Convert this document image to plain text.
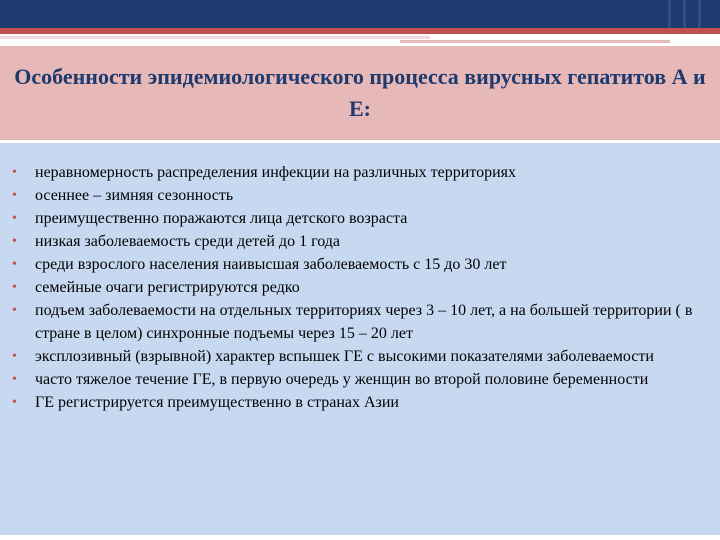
Особенности эпидемиологического процесса вирусных гепатитов А и Е:
• неравномерность распределения инфекции на различных территориях
• осеннее – зимняя сезонность
• преимущественно поражаются лица детского возраста
• низкая заболеваемость среди детей до 1 года
• среди взрослого населения наивысшая заболеваемость с 15 до 30 лет
• семейные очаги регистрируются редко
• подъем заболеваемости на отдельных территориях через 3 – 10 лет, а на большей территории ( в стране в целом) синхронные подъемы через 15 – 20 лет
• эксплозивный (взрывной) характер вспышек ГЕ с высокими показателями заболеваемости
• часто тяжелое течение ГЕ, в первую очередь у женщин во второй половине беременности
• ГЕ регистрируется преимущественно в странах Азии
